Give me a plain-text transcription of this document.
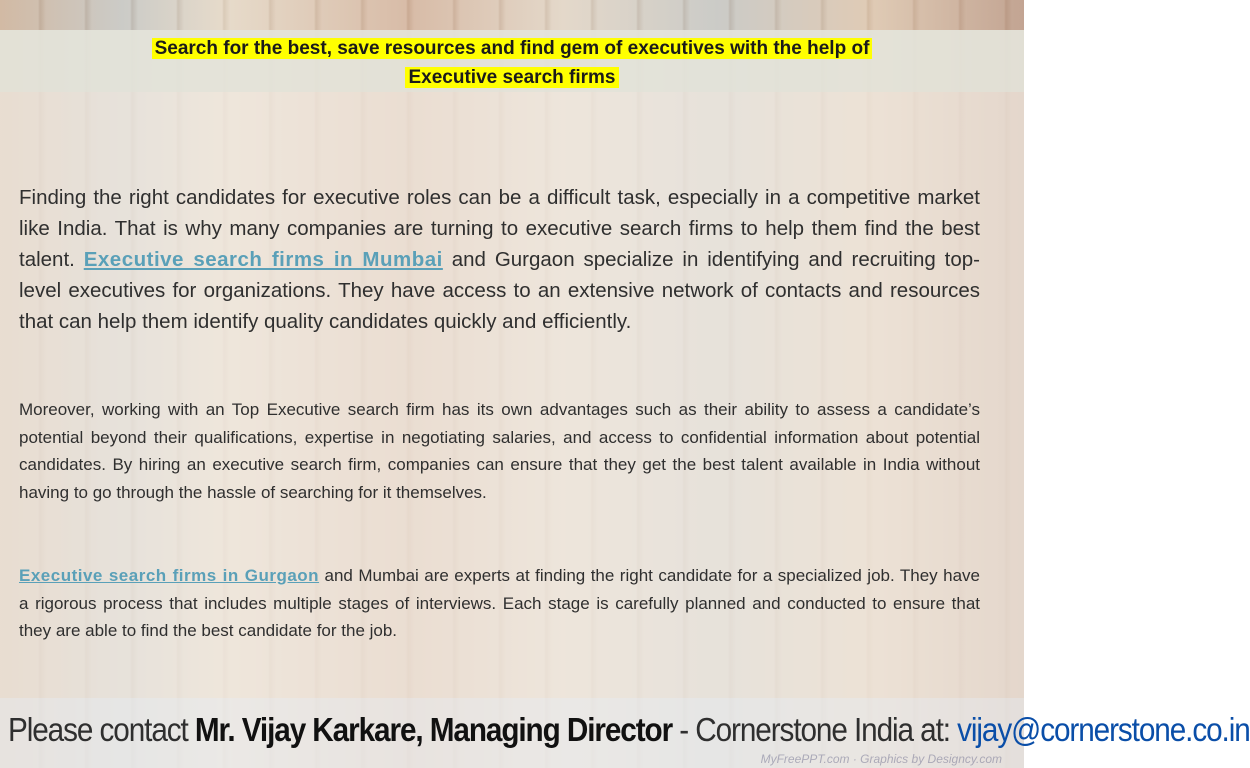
Search for the best, save resources and find gem of executives with the help of
Executive search firms

Finding the right candidates for executive roles can be a difficult task, especially in a competitive market like India. That is why many companies are turning to executive search firms to help them find the best talent. Executive search firms in Mumbai and Gurgaon specialize in identifying and recruiting top-level executives for organizations. They have access to an extensive network of contacts and resources that can help them identify quality candidates quickly and efficiently.

Moreover, working with an Top Executive search firm has its own advantages such as their ability to assess a candidate’s potential beyond their qualifications, expertise in negotiating salaries, and access to confidential information about potential candidates. By hiring an executive search firm, companies can ensure that they get the best talent available in India without having to go through the hassle of searching for it themselves.

Executive search firms in Gurgaon and Mumbai are experts at finding the right candidate for a specialized job. They have a rigorous process that includes multiple stages of interviews. Each stage is carefully planned and conducted to ensure that they are able to find the best candidate for the job.

Please contact Mr. Vijay Karkare, Managing Director - Cornerstone India at: vijay@cornerstone.co.in
MyFreePPT.com · Graphics by Designcy.com
